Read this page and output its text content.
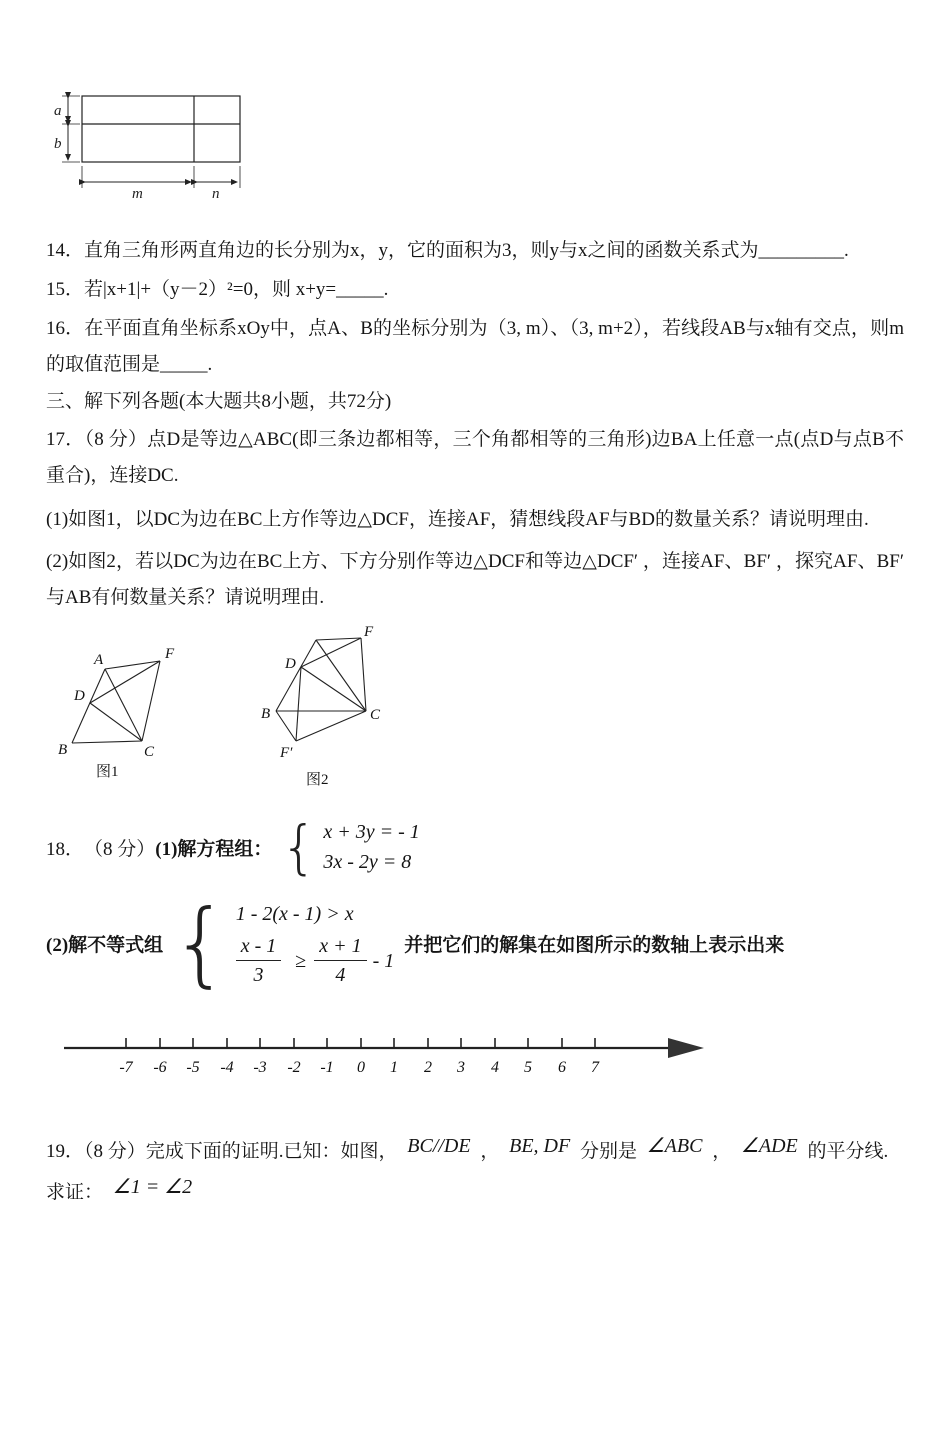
a
b
m	n

14．直角三角形两直角边的长分别为x，y，它的面积为3，则y与x之间的函数关系式为_________.

15．若|x+1|+（y－2）²=0，则 x+y=_____.

16．在平面直角坐标系xOy中，点A、B的坐标分别为（3, m）、（3, m+2），若线段AB与x轴有交点，则m的取值范围是_____.

三、解下列各题(本大题共8小题，共72分)

17．（8 分）点D是等边△ABC(即三条边都相等，三个角都相等的三角形)边BA上任意一点(点D与点B不重合)，连接DC.

(1)如图1，以DC为边在BC上方作等边△DCF，连接AF，猜想线段AF与BD的数量关系？请说明理由.

(2)如图2，若以DC为边在BC上方、下方分别作等边△DCF和等边△DCF′ ，连接AF、BF′ ，探究AF、BF′ 与AB有何数量关系？请说明理由.

A	F
D
B	C
图1
F
D
B	C
F′
图2
18． （8 分） (1)解方程组： { x + 3y = - 1
3x - 2y = 8
(2)解不等式组 { 1 - 2(x - 1) > x
$\frac{x - 1}{3} \ge \frac{x + 1}{4} - 1$
并把它们的解集在如图所示的数轴上表示出来
-7 -6 -5 -4 -3 -2 -1 0 1 2 3 4 5 6 7

19．（8 分）完成下面的证明.已知：如图， BC//DE ， BE, DF 分别是 ∠ABC ， ∠ADE 的平分线.求证： ∠1 = ∠2
